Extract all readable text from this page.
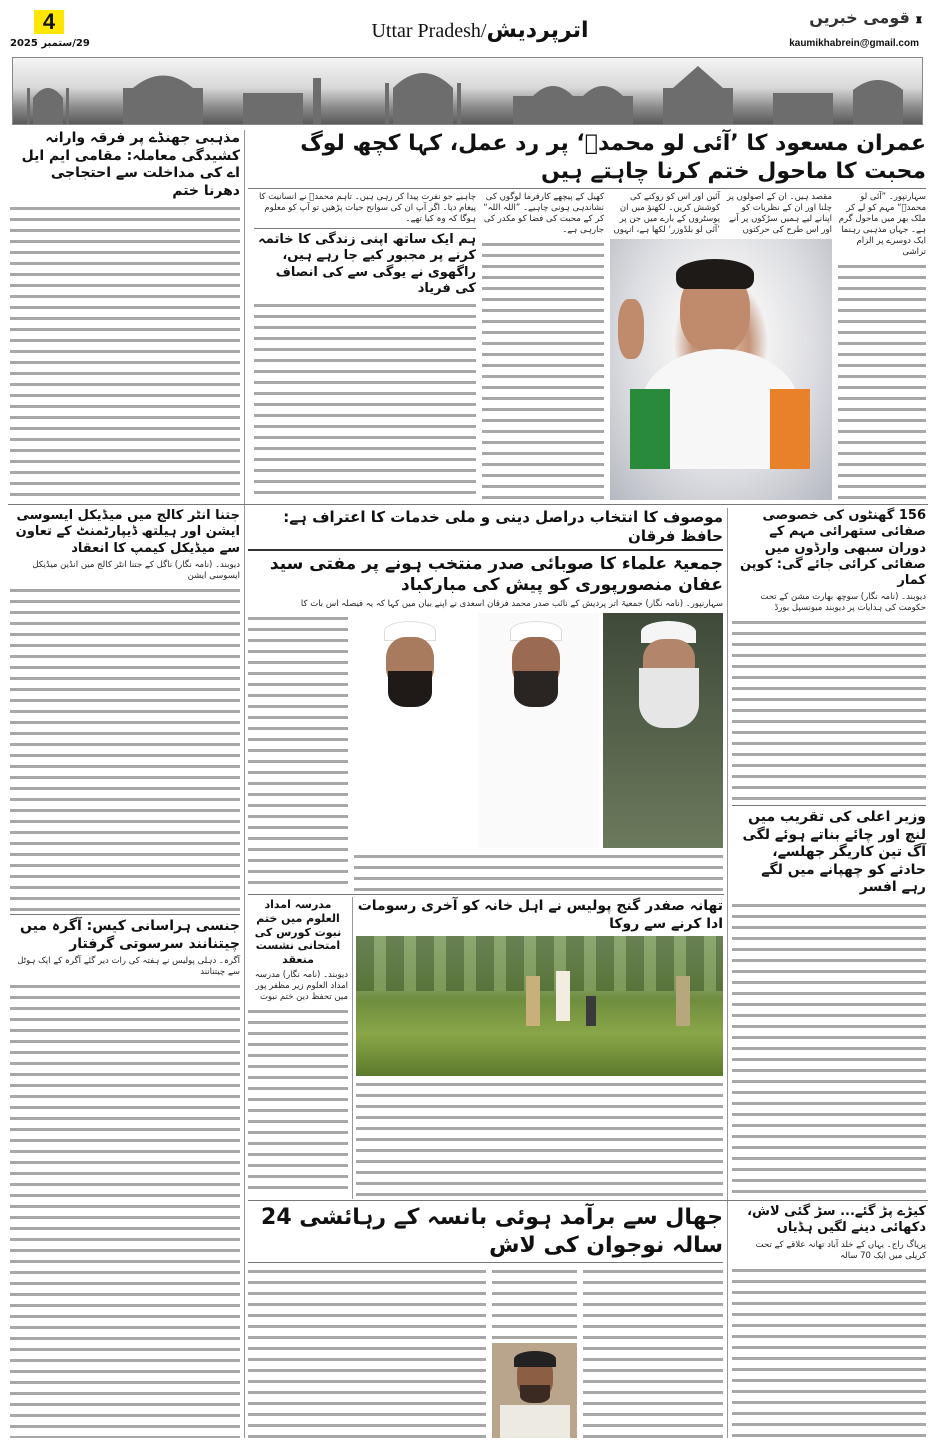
4
29/ستمبر 2025
Uttar Pradesh/اترپردیش
قومی خبریں ♜
kaumikhabrein@gmail.com
مذہبی جھنڈے پر فرقہ وارانہ کشیدگی معاملہ: مقامی ایم ایل اے کی مداخلت سے احتجاجی دھرنا ختم
عمران مسعود کا ’آئی لو محمدؐ‘ پر رد عمل، کہا کچھ لوگ محبت کا ماحول ختم کرنا چاہتے ہیں
سہارنپور۔ ”آئی لو محمدؐ“ مہم کو لے کر ملک بھر میں ماحول گرم ہے۔ جہاں مذہبی رہنما ایک دوسرے پر الزام تراشی
مقصد ہیں۔ ان کے اصولوں پر چلنا اور ان کے نظریات کو اپنانے لیے ہمیں سڑکوں پر آنے اور اس طرح کی حرکتوں
آئیں اور اس کو روکنے کی کوشش کریں۔ لکھنؤ میں ان پوسٹروں کے بارے میں جن پر ’آئی لو بلڈوزر‘ لکھا ہے، انہوں
کھیل کے پیچھے کارفرما لوگوں کی نشاندہی ہونی چاہیے۔ ”اللہ اللہ“ کر کے محبت کی فضا کو مکدر کی جارہی ہے۔
چاہیے جو نفرت پیدا کر رہی ہیں۔ تاہم محمدؐ نے انسانیت کا پیغام دیا۔ اگر آپ ان کی سوانح حیات پڑھیں تو آپ کو معلوم ہوگا کہ وہ کیا تھے۔
ہم ایک ساتھ اپنی زندگی کا خاتمہ کرنے پر مجبور کیے جا رہے ہیں، راگھوی نے یوگی سے کی انصاف کی فریاد
156 گھنٹوں کی خصوصی صفائی ستھرائی مہم کے دوران سبھی وارڈوں میں صفائی کرائی جائے گی: کوپن کمار
دیوبند۔ (نامہ نگار) سوچھ بھارت مشن کے تحت حکومت کی ہدایات پر دیوبند میونسپل بورڈ
وزیر اعلی کی تقریب میں لنچ اور چائے بناتے ہوئے لگی آگ تین کاریگر جھلسے، حادثے کو چھپانے میں لگے رہے افسر
موصوف کا انتخاب دراصل دینی و ملی خدمات کا اعتراف ہے: حافظ فرقان
جمعیۃ علماء کا صوبائی صدر منتخب ہونے پر مفتی سید عفان منصورپوری کو پیش کی مبارکباد
سہارنپور۔ (نامہ نگار) جمعیۃ اتر پردیش کے نائب صدر محمد فرقان اسعدی نے اپنے بیان میں کہا کہ یہ فیصلہ اس بات کا
جتنا انٹر کالج میں میڈیکل ایسوسی ایشن اور ہیلتھ ڈیپارٹمنٹ کے تعاون سے میڈیکل کیمپ کا انعقاد
دیوبند۔ (نامہ نگار) ناگل کے جتنا انٹر کالج میں انڈین میڈیکل ایسوسی ایشن
جنسی ہراسانی کیس: آگرہ میں چیتنانند سرسوتی گرفتار
آگرہ۔ دہلی پولیس نے ہفتہ کی رات دیر گئے آگرہ کے ایک ہوٹل سے چیتنانند
مدرسہ امداد العلوم میں ختم نبوت کورس کی امتحانی نشست منعقد
دیوبند۔ (نامہ نگار) مدرسہ امداد العلوم زیر مظفر پور میں تحفظ دین ختم نبوت
تھانہ صفدر گنج پولیس نے اہل خانہ کو آخری رسومات ادا کرنے سے روکا
جھال سے برآمد ہوئی بانسہ کے رہائشی 24 سالہ نوجوان کی لاش
کیڑے پڑ گئے... سڑ گئی لاش، دکھائی دینے لگیں ہڈیاں
پریاگ راج۔ یہاں کے خلد آباد تھانہ علاقے کے تحت کریلی میں ایک 70 سالہ
